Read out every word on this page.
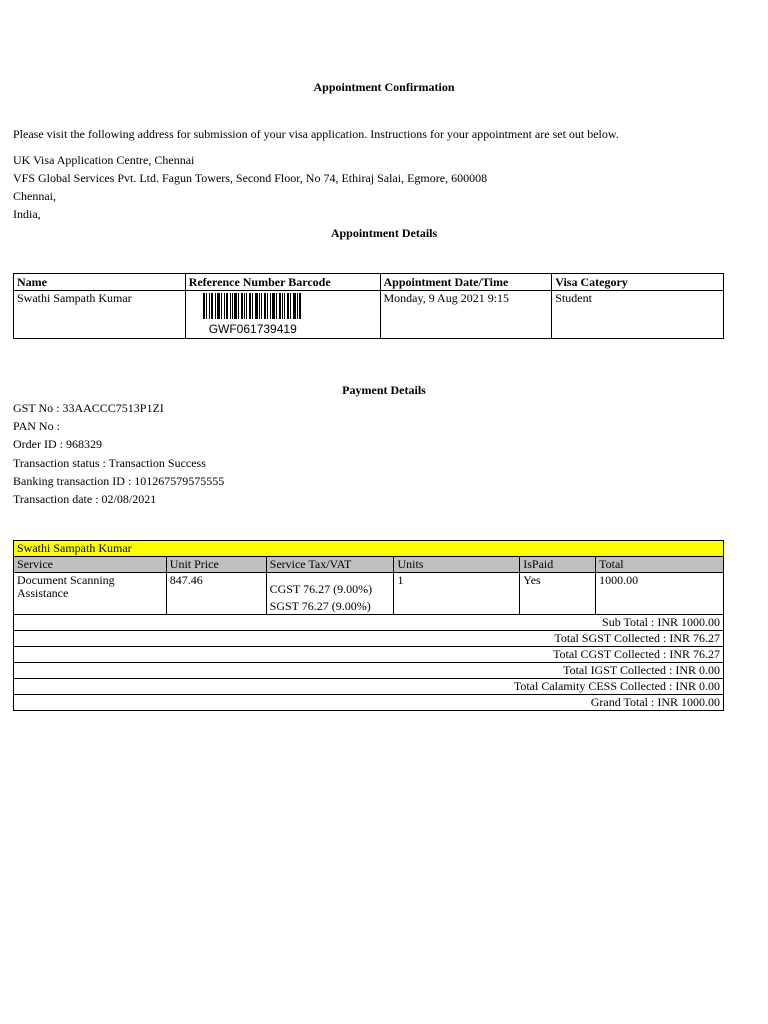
Appointment Confirmation
Please visit the following address for submission of your visa application. Instructions for your appointment are set out below.
UK Visa Application Centre, Chennai
VFS Global Services Pvt. Ltd. Fagun Towers, Second Floor, No 74, Ethiraj Salai, Egmore, 600008
Chennai,
India,
Appointment Details
Name	Reference Number Barcode	Appointment Date/Time	Visa Category
Swathi Sampath Kumar	GWF061739419	Monday, 9 Aug 2021 9:15	Student
Payment Details
GST No : 33AACCC7513P1ZI
PAN No :
Order ID : 968329
Transaction status : Transaction Success
Banking transaction ID : 101267579575555
Transaction date : 02/08/2021
Swathi Sampath Kumar					
Service	Unit Price	Service Tax/VAT	Units	IsPaid	Total
Document Scanning Assistance	847.46	CGST 76.27 (9.00%)
SGST 76.27 (9.00%)	1	Yes	1000.00
Sub Total : INR 1000.00					
Total SGST Collected : INR 76.27					
Total CGST Collected : INR 76.27					
Total IGST Collected : INR 0.00					
Total Calamity CESS Collected : INR 0.00					
Grand Total : INR 1000.00					
